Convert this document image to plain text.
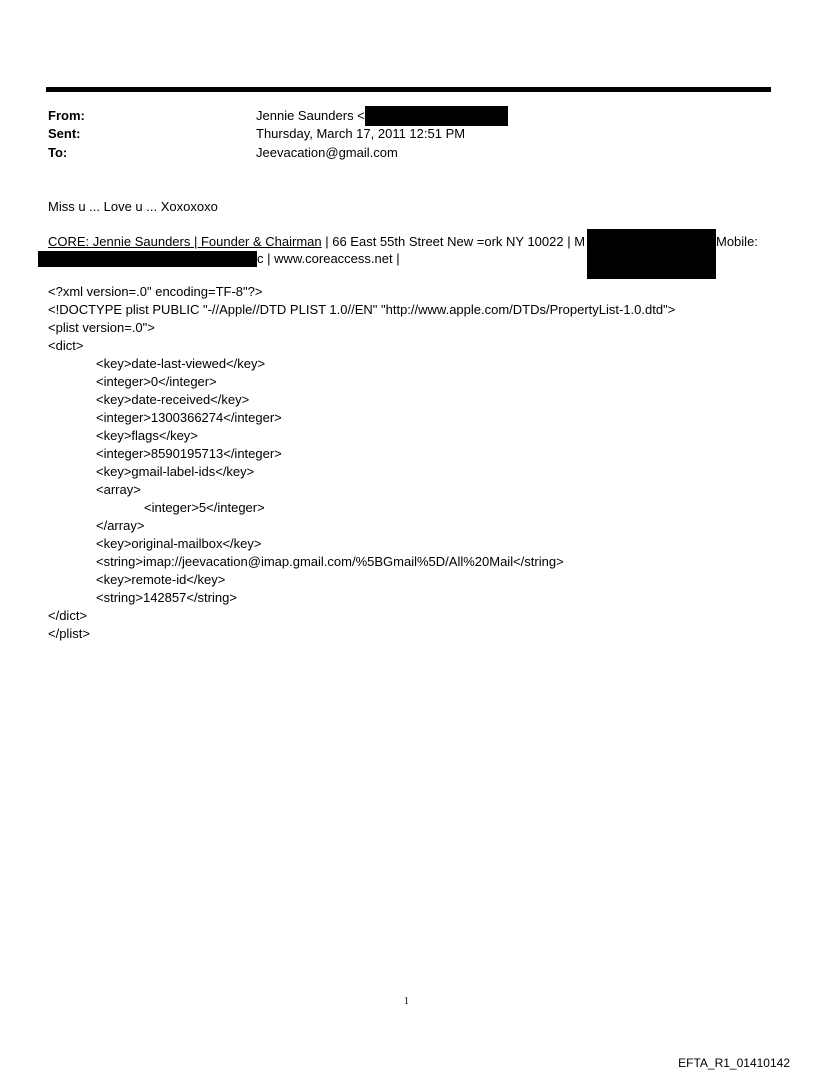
From:	Jennie Saunders <
Sent:	Thursday, March 17, 2011 12:51 PM
To:	Jeevacation@gmail.com
Miss u ... Love u ... Xoxoxoxo
CORE: Jennie Saunders | Founder & Chairman | 66 East 55th Street New =ork NY 10022 | M	Mobile:
c | www.coreaccess.net |
<?xml version=.0" encoding=TF-8"?>
<!DOCTYPE plist PUBLIC "-//Apple//DTD PLIST 1.0//EN" "http://www.apple.com/DTDs/PropertyList-1.0.dtd">
<plist version=.0">
<dict>
<key>date-last-viewed</key>
<integer>0</integer>
<key>date-received</key>
<integer>1300366274</integer>
<key>flags</key>
<integer>8590195713</integer>
<key>gmail-label-ids</key>
<array>
<integer>5</integer>
</array>
<key>original-mailbox</key>
<string>imap://jeevacation@imap.gmail.com/%5BGmail%5D/All%20Mail</string>
<key>remote-id</key>
<string>142857</string>
</dict>
</plist>
1
EFTA_R1_01410142
